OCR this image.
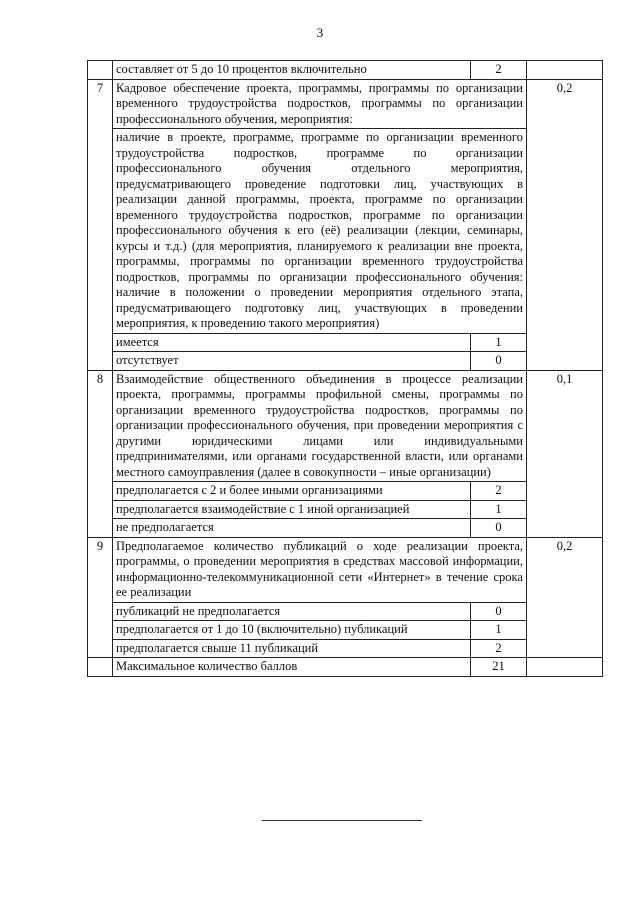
3
	составляет от 5 до 10 процентов включительно	2	
7	Кадровое обеспечение проекта, программы, программы по организации временного трудоустройства подростков, программы по организации профессионального обучения, мероприятия:		0,2
	наличие в проекте, программе, программе по организации временного трудоустройства подростков, программе по организации профессионального обучения отдельного мероприятия, предусматривающего проведение подготовки лиц, участвующих в реализации данной программы, проекта, программе по организации временного трудоустройства подростков, программе по организации профессионального обучения к его (её) реализации (лекции, семинары, курсы и т.д.) (для мероприятия, планируемого к реализации вне проекта, программы, программы по организации временного трудоустройства подростков, программы по организации профессионального обучения: наличие в положении о проведении мероприятия отдельного этапа, предусматривающего подготовку лиц, участвующих в проведении мероприятия, к проведению такого мероприятия)		
	имеется	1	
	отсутствует	0	
8	Взаимодействие общественного объединения в процессе реализации проекта, программы, программы профильной смены, программы по организации временного трудоустройства подростков, программы по организации профессионального обучения, при проведении мероприятия с другими юридическими лицами или индивидуальными предпринимателями, или органами государственной власти, или органами местного самоуправления (далее в совокупности – иные организации)		0,1
	предполагается с 2 и более иными организациями	2	
	предполагается взаимодействие с 1 иной организацией	1	
	не предполагается	0	
9	Предполагаемое количество публикаций о ходе реализации проекта, программы, о проведении мероприятия в средствах массовой информации, информационно-телекоммуникационной сети «Интернет» в течение срока ее реализации		0,2
	публикаций не предполагается	0	
	предполагается от 1 до 10 (включительно) публикаций	1	
	предполагается свыше 11 публикаций	2	
	Максимальное количество баллов	21	
